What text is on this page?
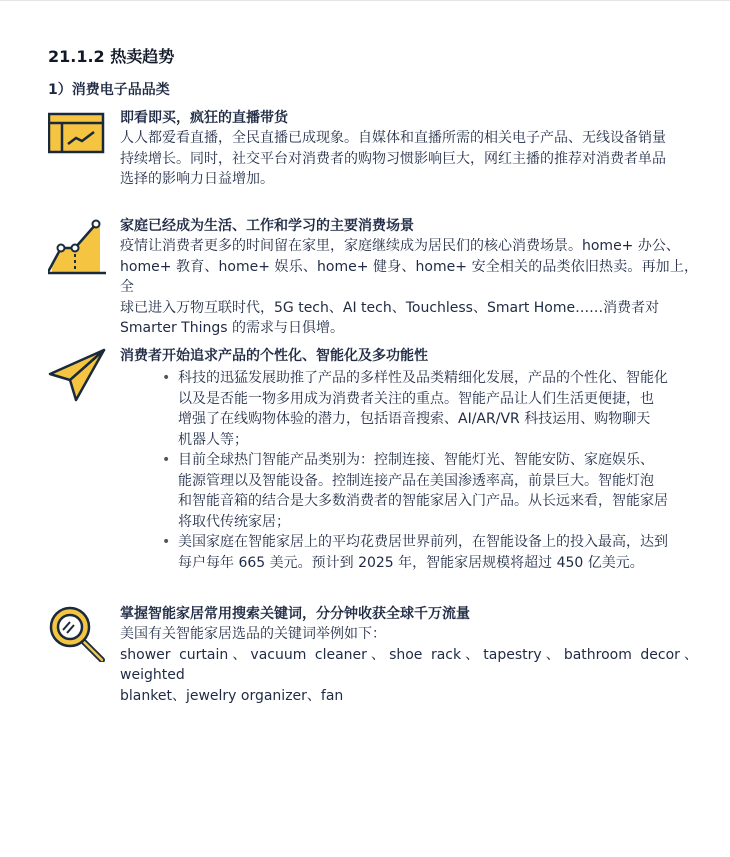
21.1.2 热卖趋势
1）消费电子品品类
即看即买，疯狂的直播带货
人人都爱看直播，全民直播已成现象。自媒体和直播所需的相关电子产品、无线设备销量
持续增长。同时，社交平台对消费者的购物习惯影响巨大，网红主播的推荐对消费者单品
选择的影响力日益增加。
家庭已经成为生活、工作和学习的主要消费场景
疫情让消费者更多的时间留在家里，家庭继续成为居民们的核心消费场景。home+ 办公、
home+ 教育、home+ 娱乐、home+ 健身、home+ 安全相关的品类依旧热卖。再加上，全
球已进入万物互联时代，5G tech、AI tech、Touchless、Smart Home……消费者对
Smarter Things 的需求与日俱增。
消费者开始追求产品的个性化、智能化及多功能性
• 科技的迅猛发展助推了产品的多样性及品类精细化发展，产品的个性化、智能化
以及是否能一物多用成为消费者关注的重点。智能产品让人们生活更便捷，也
增强了在线购物体验的潜力，包括语音搜索、AI/AR/VR 科技运用、购物聊天
机器人等；
• 目前全球热门智能产品类别为：控制连接、智能灯光、智能安防、家庭娱乐、
能源管理以及智能设备。控制连接产品在美国渗透率高，前景巨大。智能灯泡
和智能音箱的结合是大多数消费者的智能家居入门产品。从长远来看，智能家居
将取代传统家居；
• 美国家庭在智能家居上的平均花费居世界前列，在智能设备上的投入最高，达到
每户每年 665 美元。预计到 2025 年，智能家居规模将超过 450 亿美元。
掌握智能家居常用搜索关键词，分分钟收获全球千万流量
美国有关智能家居选品的关键词举例如下：
shower curtain、vacuum cleaner、shoe rack、tapestry、bathroom decor、weighted
blanket、jewelry organizer、fan
